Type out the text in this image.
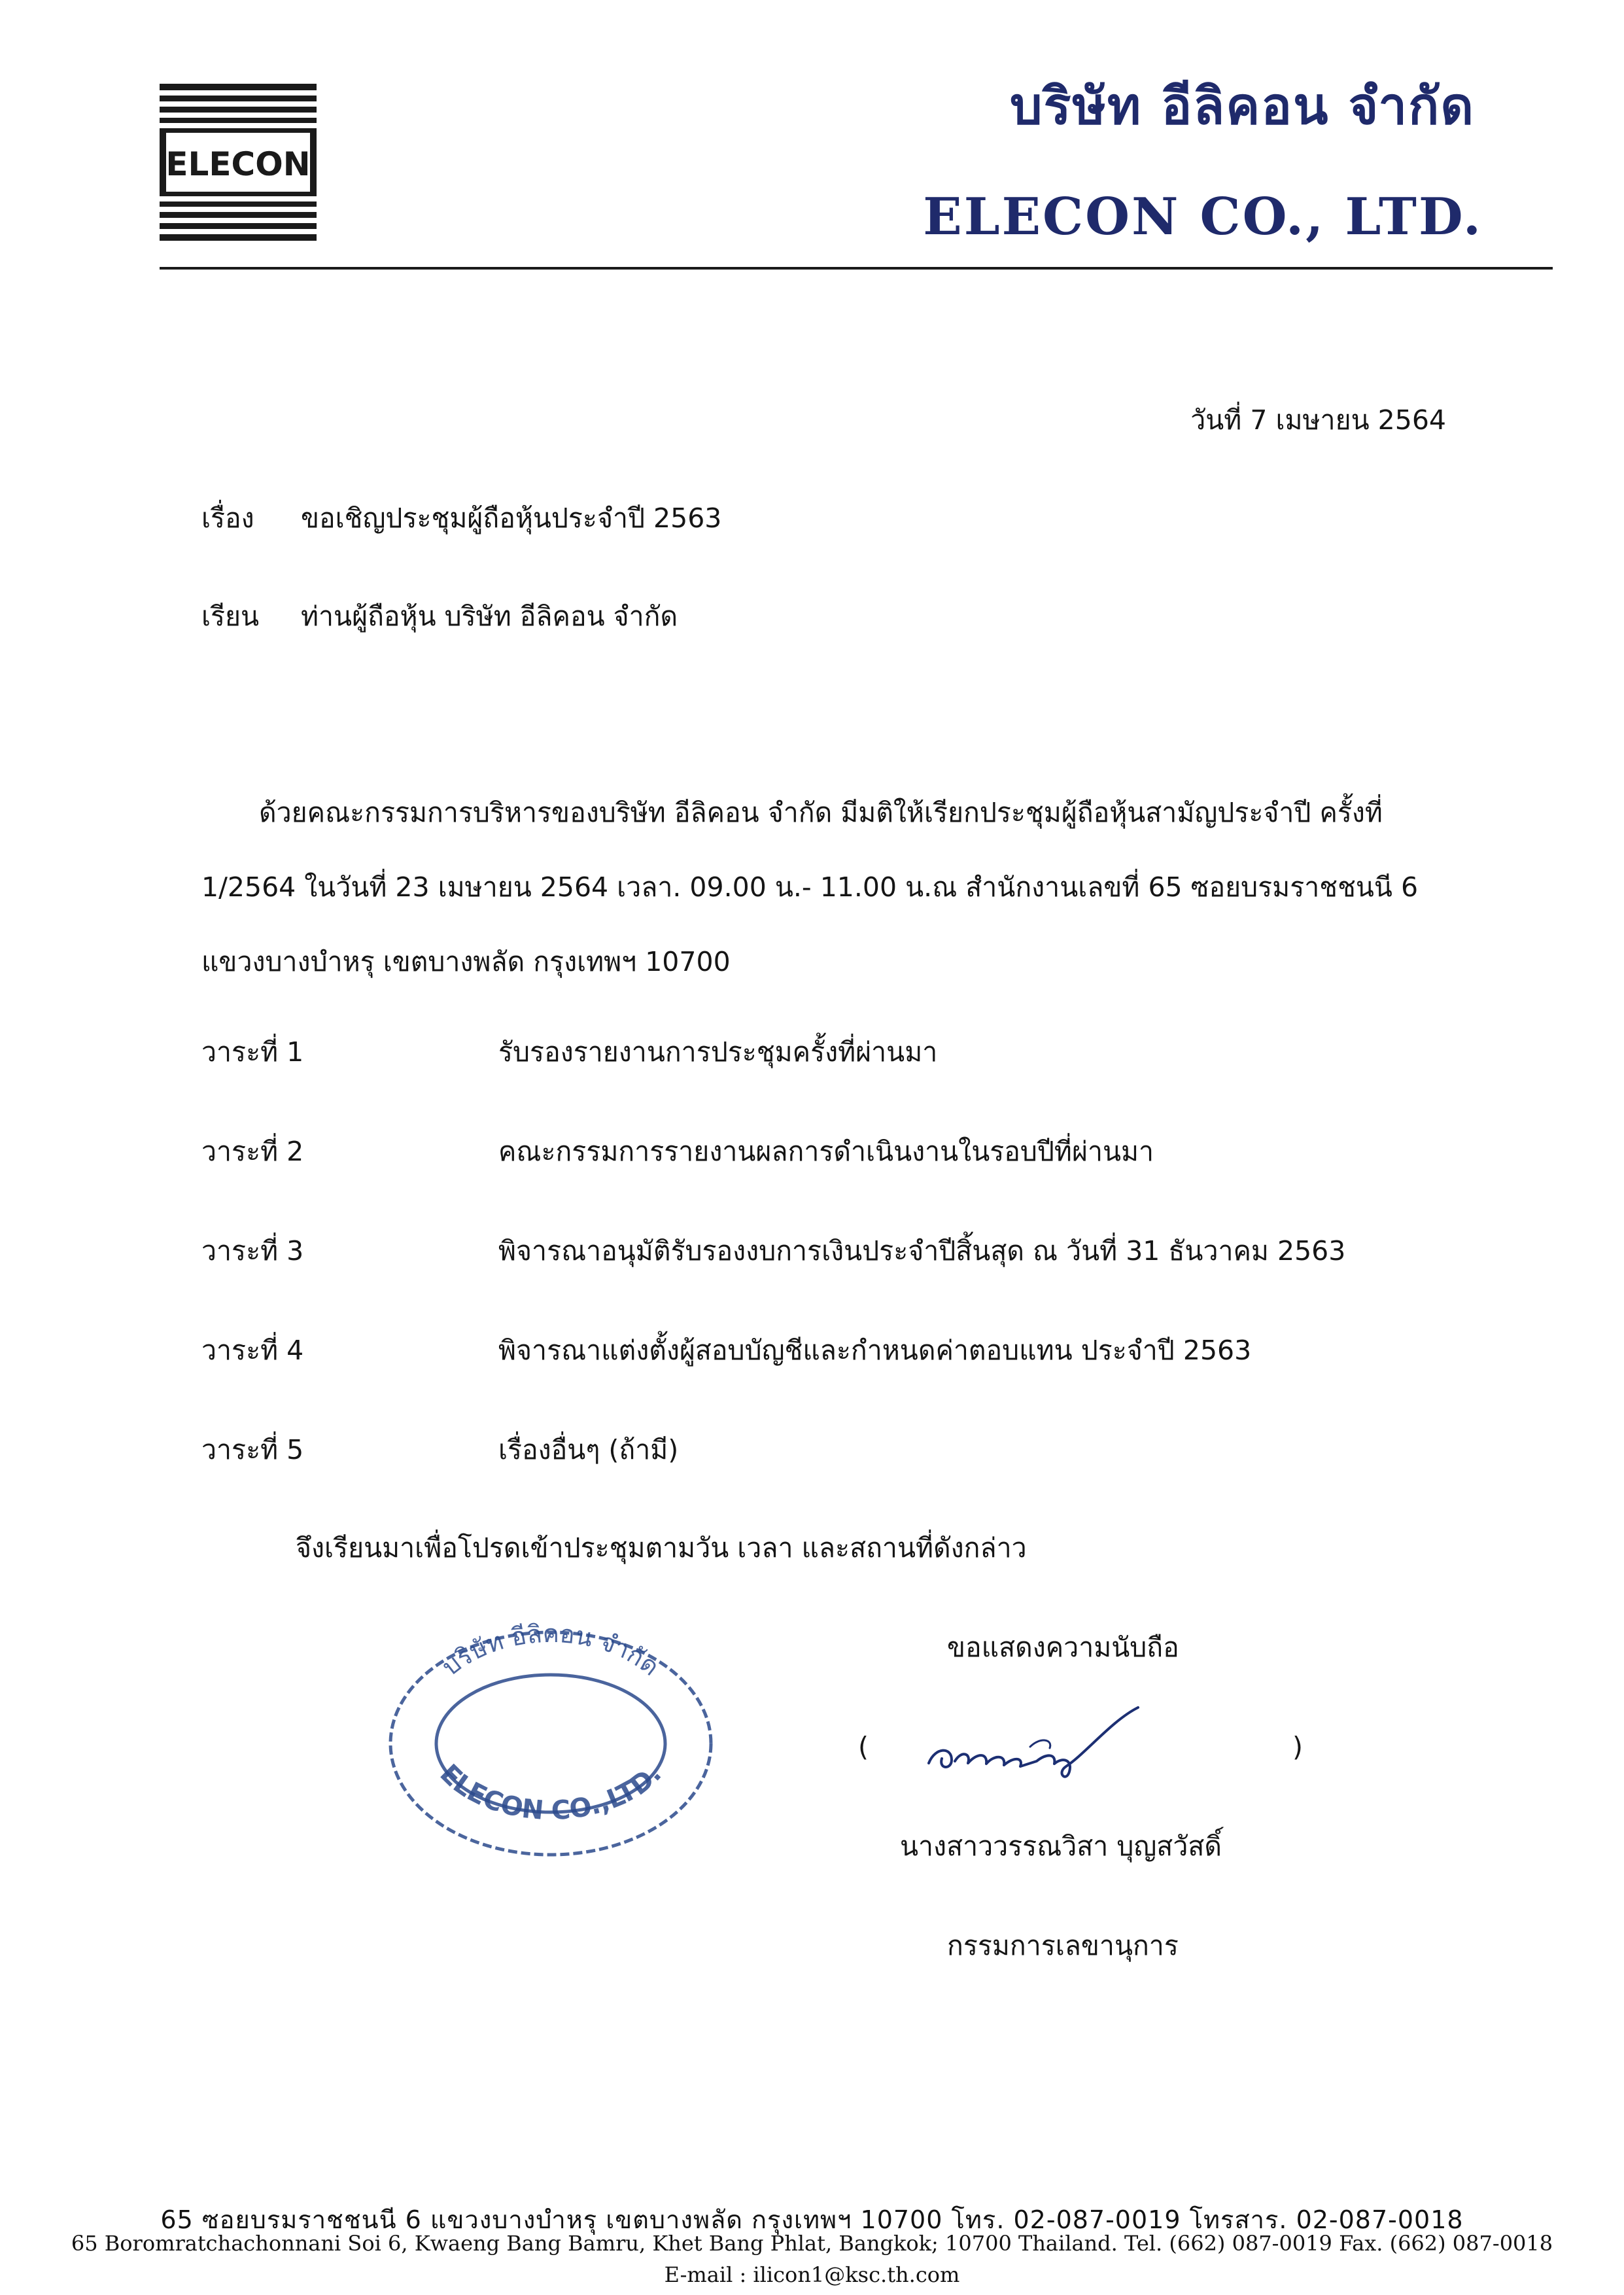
ELECON
บริษัท อีลิคอน จำกัด
ELECON CO., LTD.
วันที่ 7 เมษายน 2564
เรื่อง ขอเชิญประชุมผู้ถือหุ้นประจำปี 2563
เรียน ท่านผู้ถือหุ้น บริษัท อีลิคอน จำกัด
ด้วยคณะกรรมการบริหารของบริษัท อีลิคอน จำกัด มีมติให้เรียกประชุมผู้ถือหุ้นสามัญประจำปี ครั้งที่
1/2564 ในวันที่ 23 เมษายน 2564 เวลา. 09.00 น.- 11.00 น.ณ สำนักงานเลขที่ 65 ซอยบรมราชชนนี 6
แขวงบางบำหรุ เขตบางพลัด กรุงเทพฯ 10700
วาระที่ 1	รับรองรายงานการประชุมครั้งที่ผ่านมา
วาระที่ 2	คณะกรรมการรายงานผลการดำเนินงานในรอบปีที่ผ่านมา
วาระที่ 3	พิจารณาอนุมัติรับรองงบการเงินประจำปีสิ้นสุด ณ วันที่ 31 ธันวาคม 2563
วาระที่ 4	พิจารณาแต่งตั้งผู้สอบบัญชีและกำหนดค่าตอบแทน ประจำปี 2563
วาระที่ 5	เรื่องอื่นๆ (ถ้ามี)
จึงเรียนมาเพื่อโปรดเข้าประชุมตามวัน เวลา และสถานที่ดังกล่าว
บริษัท อีลิคอน จำกัด
ELECON CO.,LTD.
ขอแสดงความนับถือ
(	)
นางสาววรรณวิสา บุญสวัสดิ์
กรรมการเลขานุการ
65 ซอยบรมราชชนนี 6 แขวงบางบำหรุ เขตบางพลัด กรุงเทพฯ 10700 โทร. 02-087-0019 โทรสาร. 02-087-0018
65 Boromratchachonnani Soi 6, Kwaeng Bang Bamru, Khet Bang Phlat, Bangkok; 10700 Thailand. Tel. (662) 087-0019 Fax. (662) 087-0018
E-mail : ilicon1@ksc.th.com
